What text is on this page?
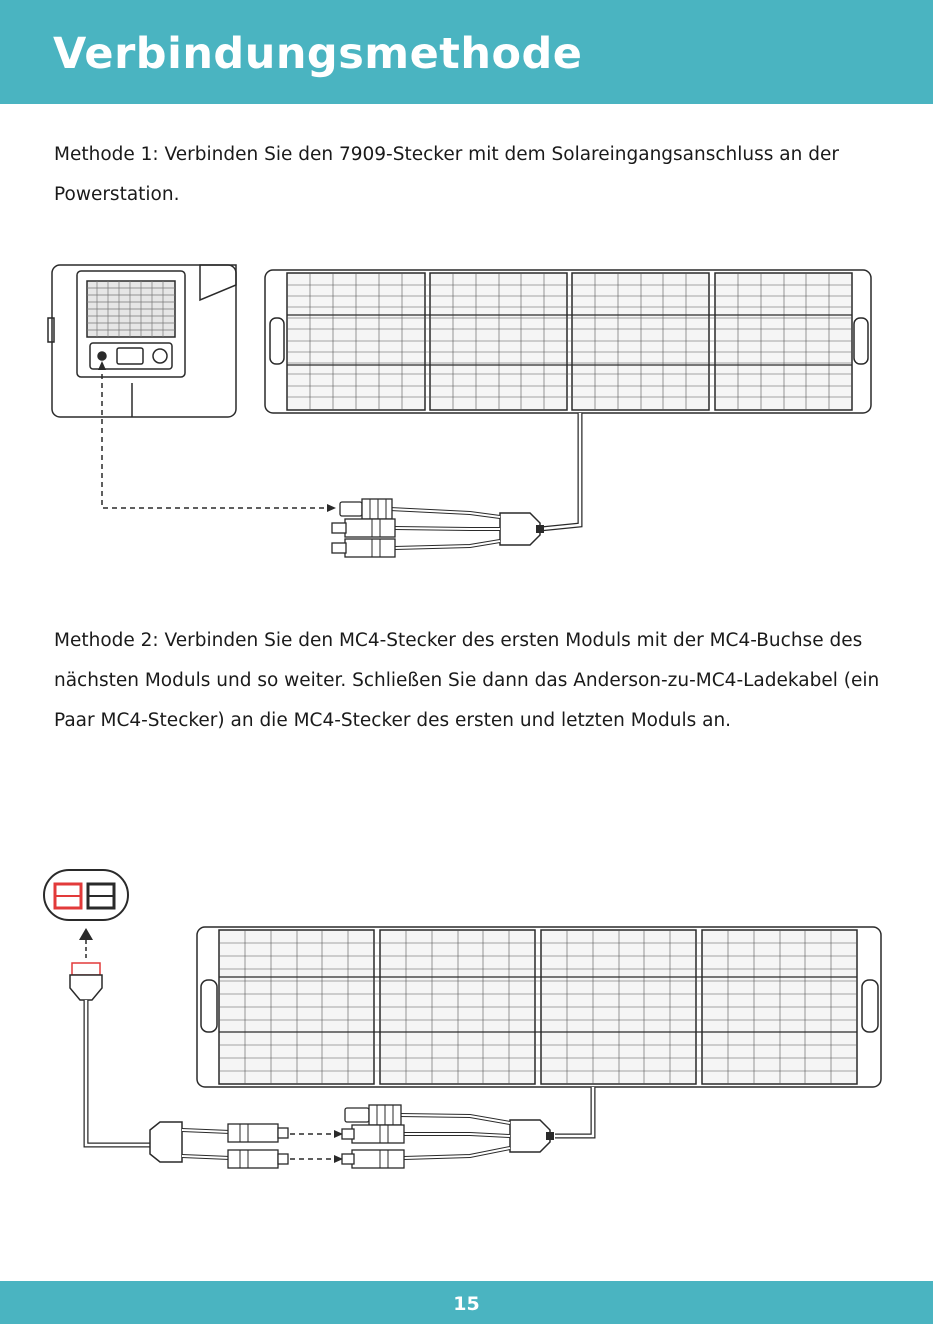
Verbindungsmethode

Methode 1: Verbinden Sie den 7909-Stecker mit dem Solareingangsanschluss an der Powerstation.

Methode 2: Verbinden Sie den MC4-Stecker des ersten Moduls mit der MC4-Buchse des nächsten Moduls und so weiter. Schließen Sie dann das Anderson-zu-MC4-Ladekabel (ein Paar MC4-Stecker) an die MC4-Stecker des ersten und letzten Moduls an.

15
